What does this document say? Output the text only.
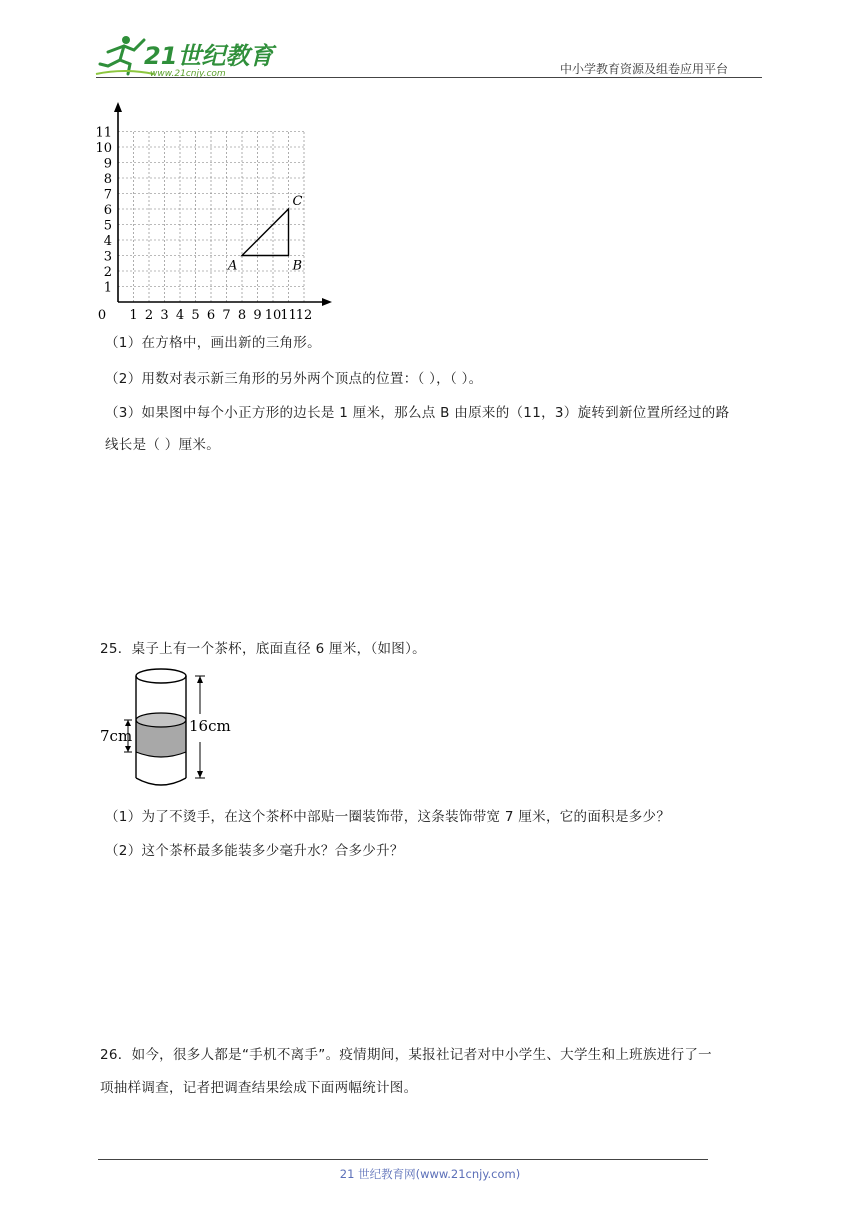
21世纪教育
www.21cnjy.com	中小学教育资源及组卷应用平台
0 1 2 3 4 5 6 7 8 9 10
11
12
1
2
3
4
5
6
7
8
9
10
11
A	B
C
（1）在方格中，画出新的三角形。
（2）用数对表示新三角形的另外两个顶点的位置：（ ），（ ）。
（3）如果图中每个小正方形的边长是 1 厘米，那么点 B 由原来的（11，3）旋转到新位置所经过的路
线长是（ ）厘米。
25．桌子上有一个茶杯，底面直径 6 厘米，（如图）。
7cm
16cm
（1）为了不烫手，在这个茶杯中部贴一圈装饰带，这条装饰带宽 7 厘米，它的面积是多少？
（2）这个茶杯最多能装多少毫升水？合多少升？
26．如今，很多人都是“手机不离手”。疫情期间，某报社记者对中小学生、大学生和上班族进行了一
项抽样调查，记者把调查结果绘成下面两幅统计图。
21 世纪教育网(www.21cnjy.com)
